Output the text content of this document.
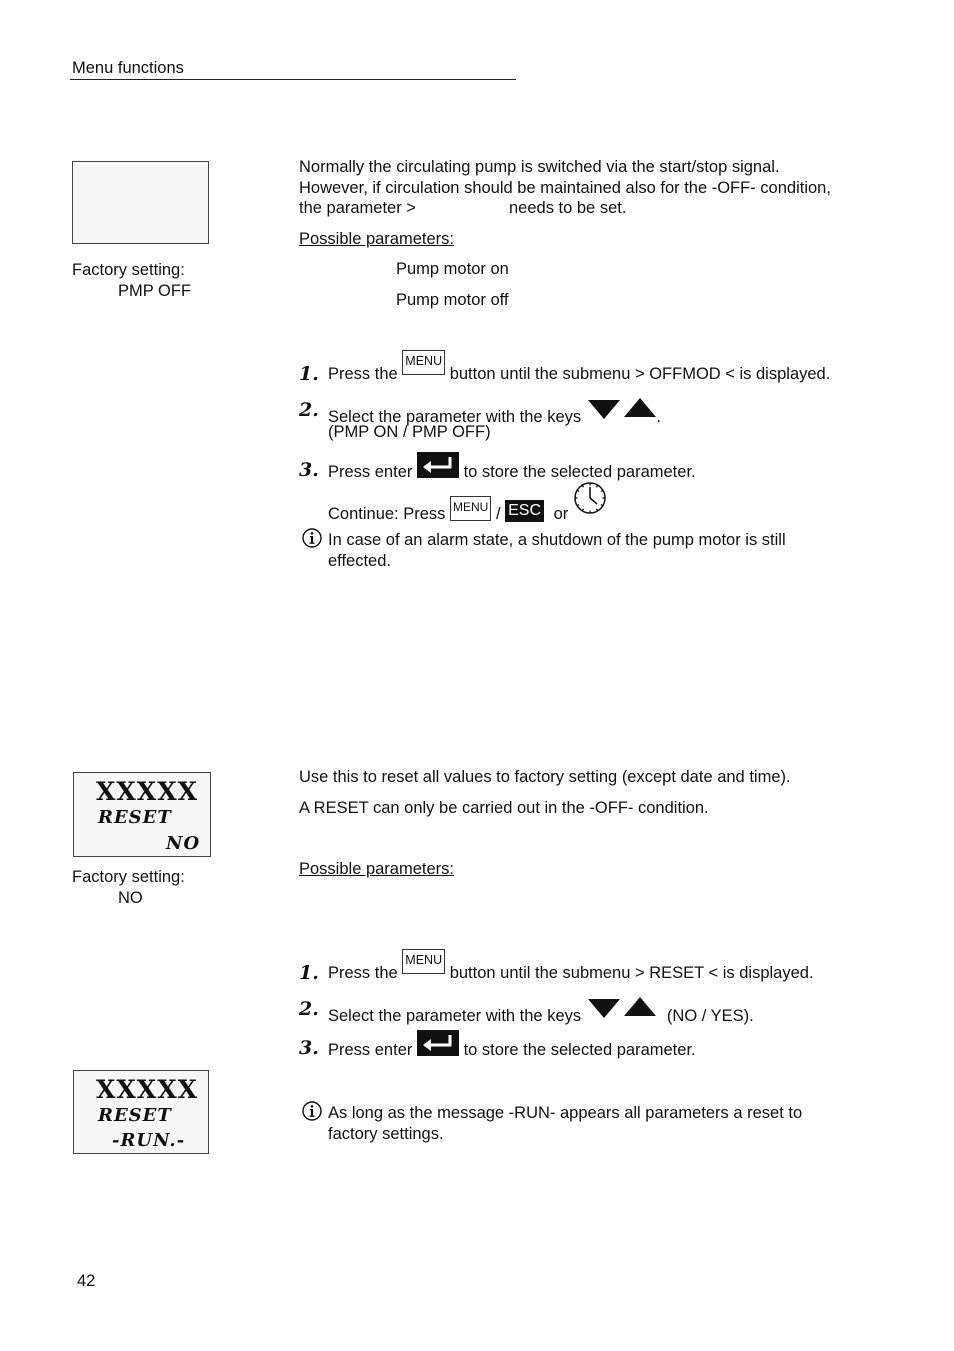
Menu functions
Factory setting:
PMP OFF

Normally the circulating pump is switched via the start/stop signal.

However, if circulation should be maintained also for the -OFF- condition,

the parameter >	needs to be set.

Possible parameters:

Pump motor on

Pump motor off

1. Press the MENU button until the submenu > OFFMOD < is displayed.
2. Select the parameter with the keys	.

(PMP ON / PMP OFF)

3. Press enter	to store the selected parameter.
Continue: Press MENU / ESC or

In case of an alarm state, a shutdown of the pump motor is still

effected.

XXXXX
RESET
NO
Factory setting:
NO

Use this to reset all values to factory setting (except date and time).

A RESET can only be carried out in the -OFF- condition.

Possible parameters:

1. Press the MENU button until the submenu > RESET < is displayed.
2. Select the parameter with the keys	(NO / YES).
3. Press enter	to store the selected parameter.
XXXXX
RESET
-RUN.-

As long as the message -RUN- appears all parameters a reset to

factory settings.

42
